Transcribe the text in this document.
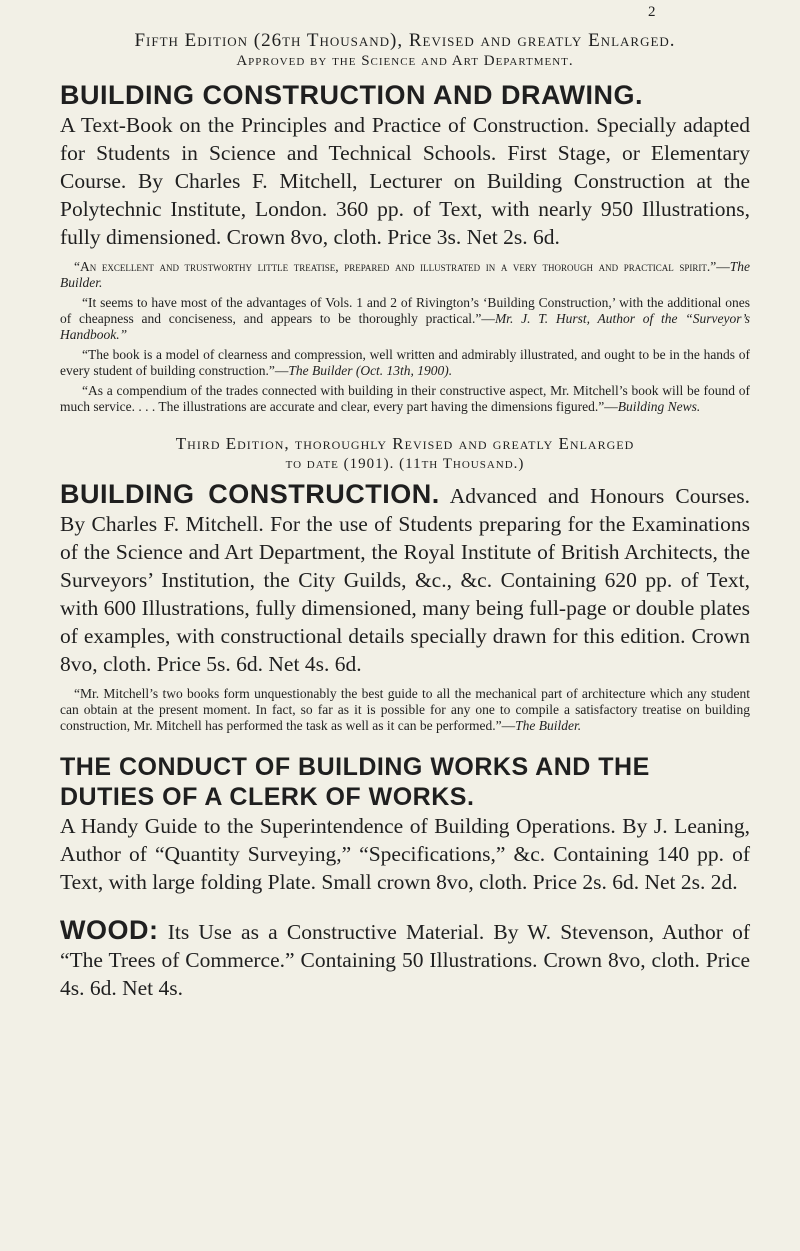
2
Fifth Edition (26th Thousand), Revised and greatly Enlarged.
Approved by the Science and Art Department.
BUILDING CONSTRUCTION AND DRAWING.
A Text-Book on the Principles and Practice of Construction. Specially adapted for Students in Science and Technical Schools. First Stage, or Elementary Course. By Charles F. Mitchell, Lecturer on Building Construction at the Polytechnic Institute, London. 360 pp. of Text, with nearly 950 Illustrations, fully dimensioned. Crown 8vo, cloth. Price 3s. Net 2s. 6d.
“An excellent and trustworthy little treatise, prepared and illustrated in a very thorough and practical spirit.”—The Builder.
“It seems to have most of the advantages of Vols. 1 and 2 of Rivington’s ‘Building Construction,’ with the additional ones of cheapness and conciseness, and appears to be thoroughly practical.”—Mr. J. T. Hurst, Author of the “Surveyor’s Handbook.”
“The book is a model of clearness and compression, well written and admirably illustrated, and ought to be in the hands of every student of building construction.”—The Builder (Oct. 13th, 1900).
“As a compendium of the trades connected with building in their constructive aspect, Mr. Mitchell’s book will be found of much service. . . . The illustrations are accurate and clear, every part having the dimensions figured.”—Building News.
Third Edition, thoroughly Revised and greatly Enlarged
to date (1901). (11th Thousand.)
BUILDING CONSTRUCTION. Advanced and Honours Courses. By Charles F. Mitchell. For the use of Students preparing for the Examinations of the Science and Art Department, the Royal Institute of British Architects, the Surveyors’ Institution, the City Guilds, &c., &c. Containing 620 pp. of Text, with 600 Illustrations, fully dimensioned, many being full-page or double plates of examples, with constructional details specially drawn for this edition. Crown 8vo, cloth. Price 5s. 6d. Net 4s. 6d.
“Mr. Mitchell’s two books form unquestionably the best guide to all the mechanical part of architecture which any student can obtain at the present moment. In fact, so far as it is possible for any one to compile a satisfactory treatise on building construction, Mr. Mitchell has performed the task as well as it can be performed.”—The Builder.
THE CONDUCT OF BUILDING WORKS AND THE DUTIES OF A CLERK OF WORKS.
A Handy Guide to the Superintendence of Building Operations. By J. Leaning, Author of “Quantity Surveying,” “Specifications,” &c. Containing 140 pp. of Text, with large folding Plate. Small crown 8vo, cloth. Price 2s. 6d. Net 2s. 2d.
WOOD: Its Use as a Constructive Material. By W. Stevenson, Author of “The Trees of Commerce.” Containing 50 Illustrations. Crown 8vo, cloth. Price 4s. 6d. Net 4s.
